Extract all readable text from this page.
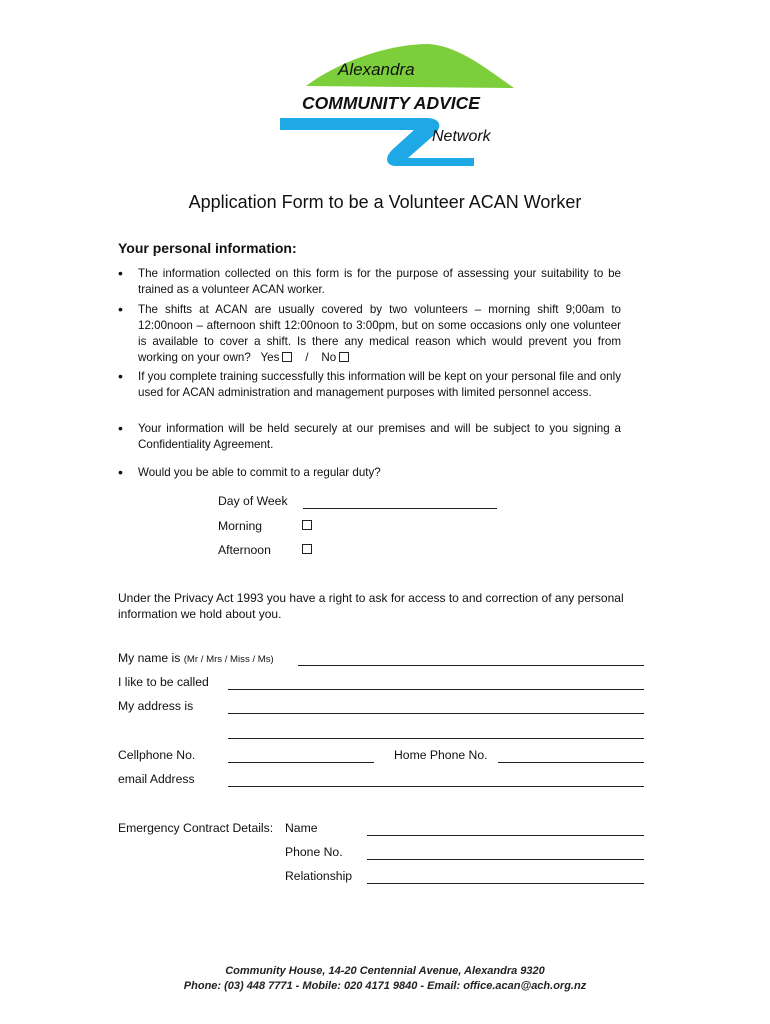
Alexandra
COMMUNITY ADVICE
Network
Application Form to be a Volunteer ACAN Worker
Your personal information:
• The information collected on this form is for the purpose of assessing your suitability to be trained as a volunteer ACAN worker.
• The shifts at ACAN are usually covered by two volunteers – morning shift 9;00am to 12:00noon – afternoon shift 12:00noon to 3:00pm, but on some occasions only one volunteer is available to cover a shift. Is there any medical reason which would prevent you from working on your own? Yes / No
• If you complete training successfully this information will be kept on your personal file and only used for ACAN administration and management purposes with limited personnel access.
• Your information will be held securely at our premises and will be subject to you signing a Confidentiality Agreement.
• Would you be able to commit to a regular duty?
Day of Week
Morning
Afternoon
Under the Privacy Act 1993 you have a right to ask for access to and correction of any personal information we hold about you.
My name is (Mr / Mrs / Miss / Ms)
I like to be called
My address is
Cellphone No.	Home Phone No.
email Address
Emergency Contract Details: Name
Phone No.
Relationship
Community House, 14-20 Centennial Avenue, Alexandra 9320
Phone: (03) 448 7771 - Mobile: 020 4171 9840 - Email: office.acan@ach.org.nz
